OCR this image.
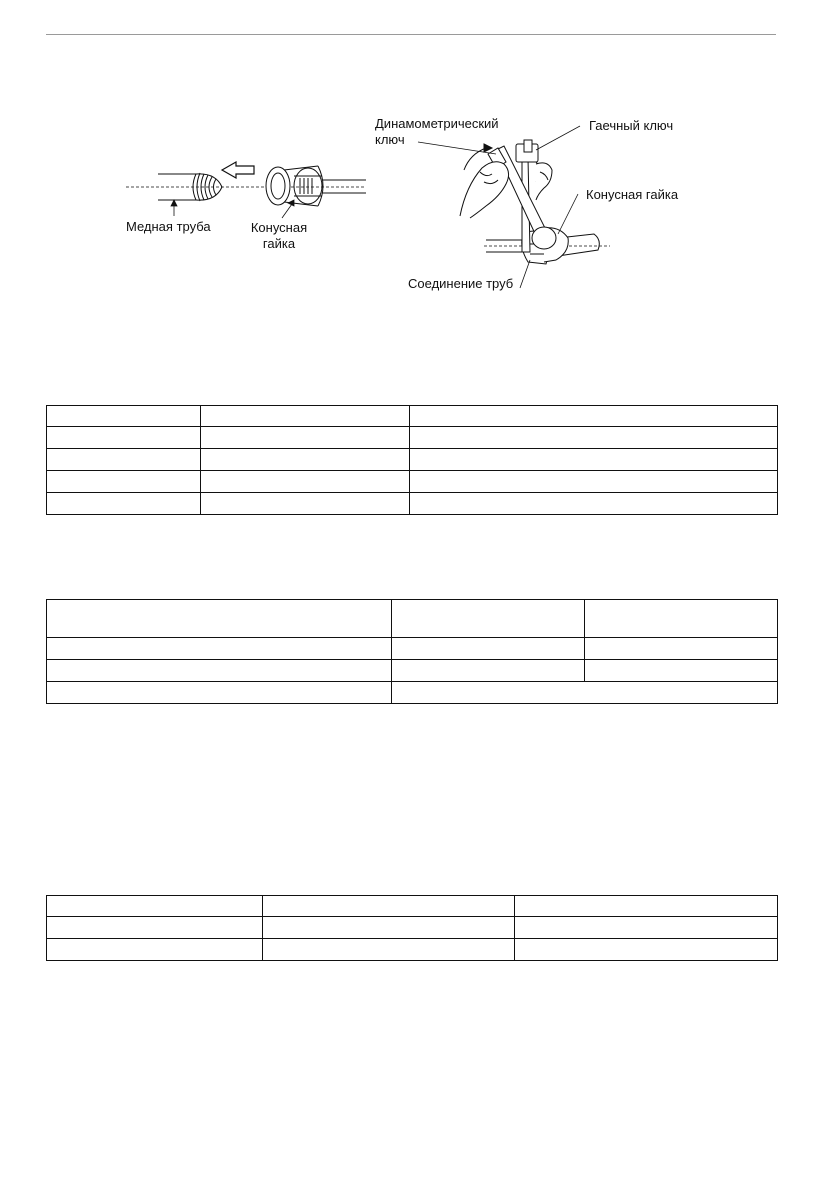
Медная труба	Конусная
гайка
Динамометрический
ключ
Гаечный ключ
Конусная гайка
Соединение труб
